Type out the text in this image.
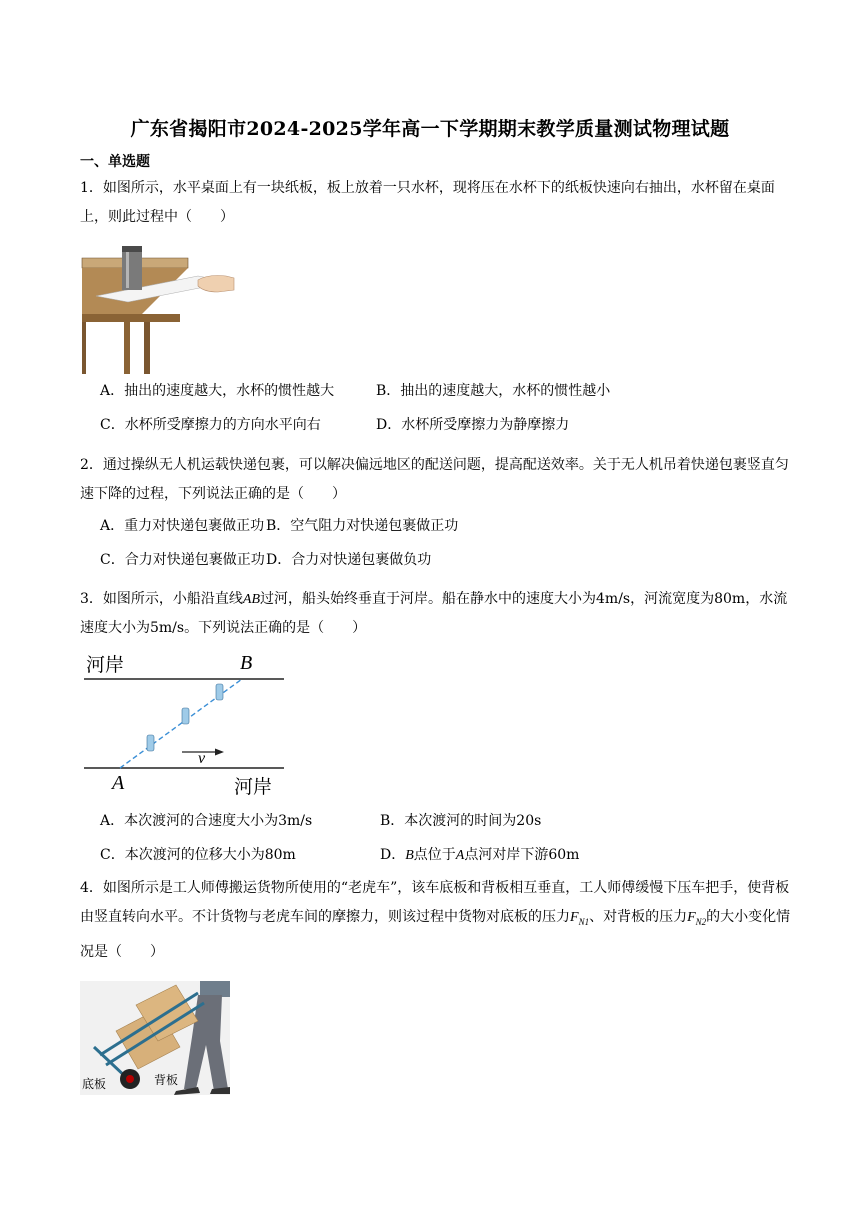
广东省揭阳市2024-2025学年高一下学期期末教学质量测试物理试题
一、单选题
1．如图所示，水平桌面上有一块纸板，板上放着一只水杯，现将压在水杯下的纸板快速向右抽出，水杯留在桌面上，则此过程中（　　）
A．抽出的速度越大，水杯的惯性越大	B．抽出的速度越大，水杯的惯性越小
C．水杯所受摩擦力的方向水平向右	D．水杯所受摩擦力为静摩擦力
2．通过操纵无人机运载快递包裹，可以解决偏远地区的配送问题，提高配送效率。关于无人机吊着快递包裹竖直匀速下降的过程，下列说法正确的是（　　）
A．重力对快递包裹做正功 B．空气阻力对快递包裹做正功
C．合力对快递包裹做正功 D．合力对快递包裹做负功
3．如图所示，小船沿直线AB过河，船头始终垂直于河岸。船在静水中的速度大小为4m/s，河流宽度为80m，水流速度大小为5m/s。下列说法正确的是（　　）
河岸
河岸
A
B
v
A．本次渡河的合速度大小为3m/s	B．本次渡河的时间为20s
C．本次渡河的位移大小为80m	D．B点位于A点河对岸下游60m
4．如图所示是工人师傅搬运货物所使用的“老虎车”，该车底板和背板相互垂直，工人师傅缓慢下压车把手，使背板由竖直转向水平。不计货物与老虎车间的摩擦力，则该过程中货物对底板的压力$F_{N1}$、对背板的压力$F_{N2}$的大小变化情况是（　　）
底板	背板
